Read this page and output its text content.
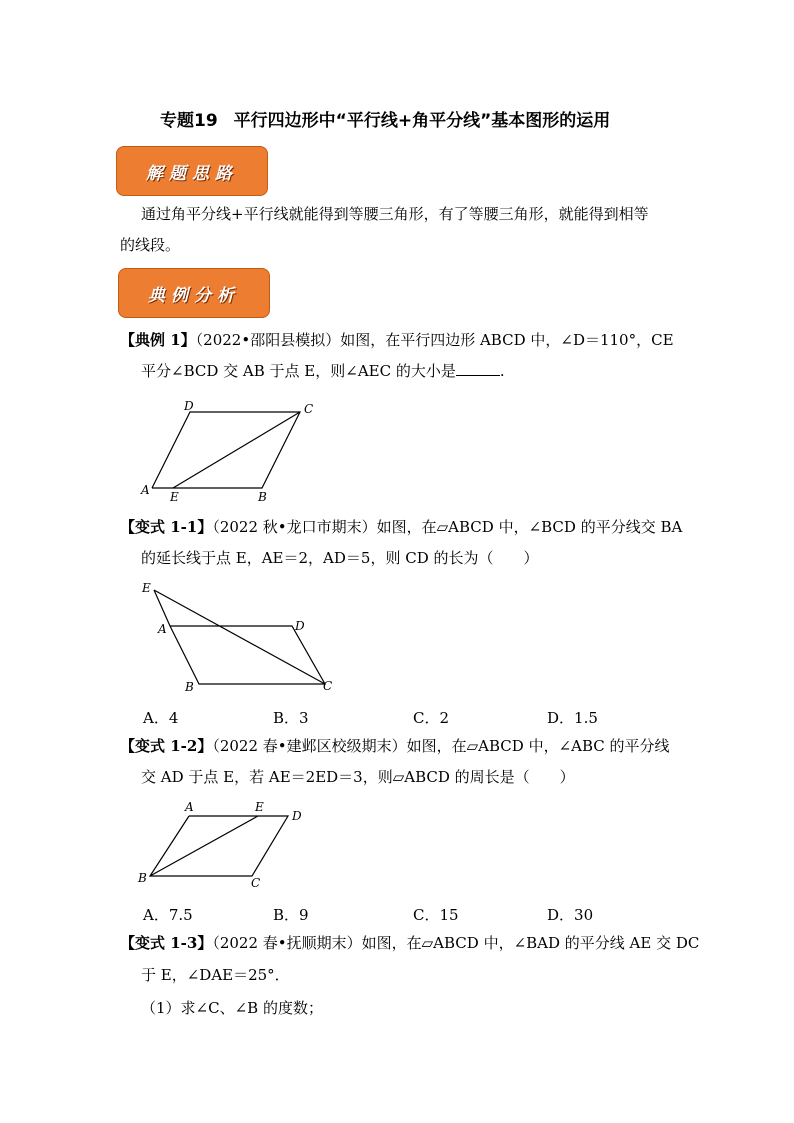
专题19 平行四边形中“平行线+角平分线”基本图形的运用
解题思路
通过角平分线+平行线就能得到等腰三角形，有了等腰三角形，就能得到相等
的线段。
典例分析
【典例 1】（2022•邵阳县模拟）如图，在平行四边形 ABCD 中，∠D＝110°，CE
平分∠BCD 交 AB 于点 E，则∠AEC 的大小是	.
D	C
A E	B
【变式 1-1】（2022 秋•龙口市期末）如图，在▱ABCD 中，∠BCD 的平分线交 BA
的延长线于点 E，AE＝2，AD＝5，则 CD 的长为（　　）
E
A	D
B	C
A．4	B．3	C．2	D．1.5
【变式 1-2】（2022 春•建邺区校级期末）如图，在▱ABCD 中，∠ABC 的平分线
交 AD 于点 E，若 AE＝2ED＝3，则▱ABCD 的周长是（　　）
A	E
D
B	C
A．7.5	B．9	C．15	D．30
【变式 1-3】（2022 春•抚顺期末）如图，在▱ABCD 中，∠BAD 的平分线 AE 交 DC
于 E，∠DAE＝25°．
（1）求∠C、∠B 的度数；
